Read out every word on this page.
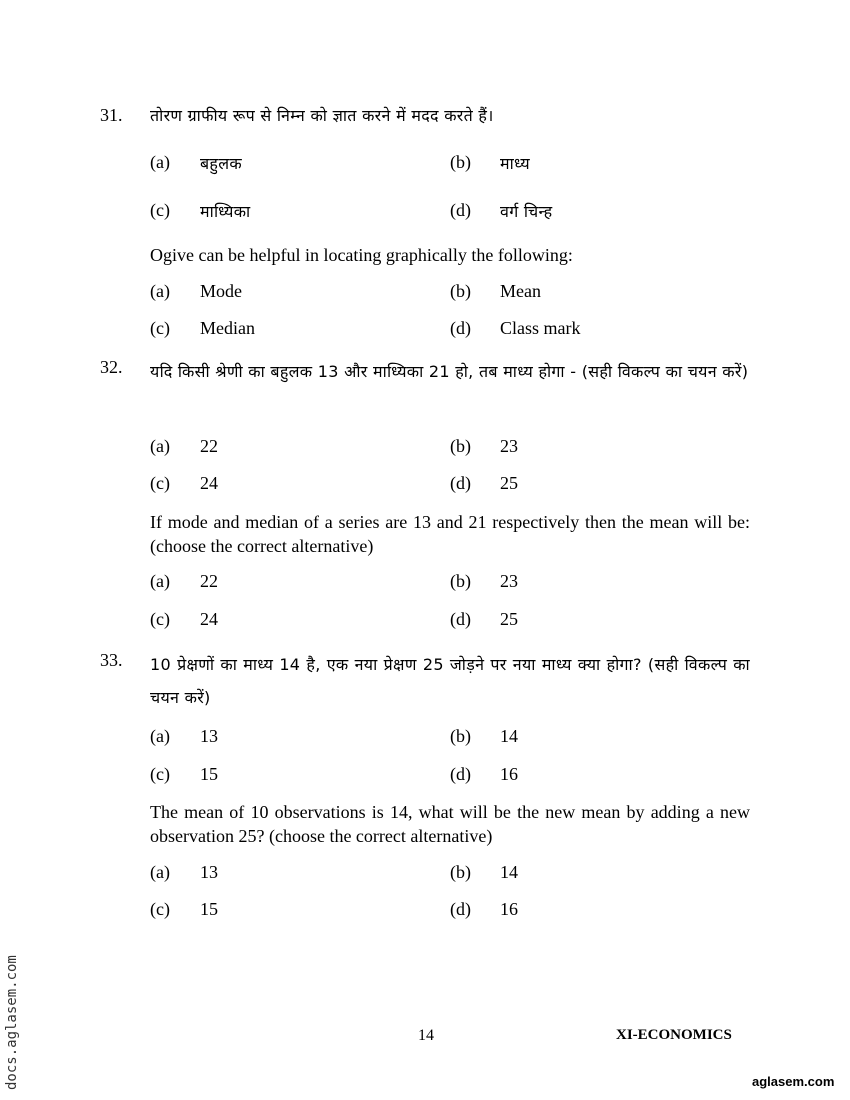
31. तोरण ग्राफीय रूप से निम्न को ज्ञात करने में मदद करते हैं।
(a) बहुलक	(b) माध्य
(c) माध्यिका	(d) वर्ग चिन्ह
Ogive can be helpful in locating graphically the following:
(a) Mode	(b) Mean
(c) Median	(d) Class mark
32. यदि किसी श्रेणी का बहुलक 13 और माध्यिका 21 हो, तब माध्य होगा - (सही विकल्प का चयन करें)
(a) 22	(b) 23
(c) 24	(d) 25
If mode and median of a series are 13 and 21 respectively then the mean will be: (choose the correct alternative)
(a) 22	(b) 23
(c) 24	(d) 25
33. 10 प्रेक्षणों का माध्य 14 है, एक नया प्रेक्षण 25 जोड़ने पर नया माध्य क्या होगा? (सही विकल्प का चयन करें)
(a) 13	(b) 14
(c) 15	(d) 16
The mean of 10 observations is 14, what will be the new mean by adding a new observation 25? (choose the correct alternative)
(a) 13	(b) 14
(c) 15	(d) 16
14	XI-ECONOMICS
aglasem.com
docs.aglasem.com
